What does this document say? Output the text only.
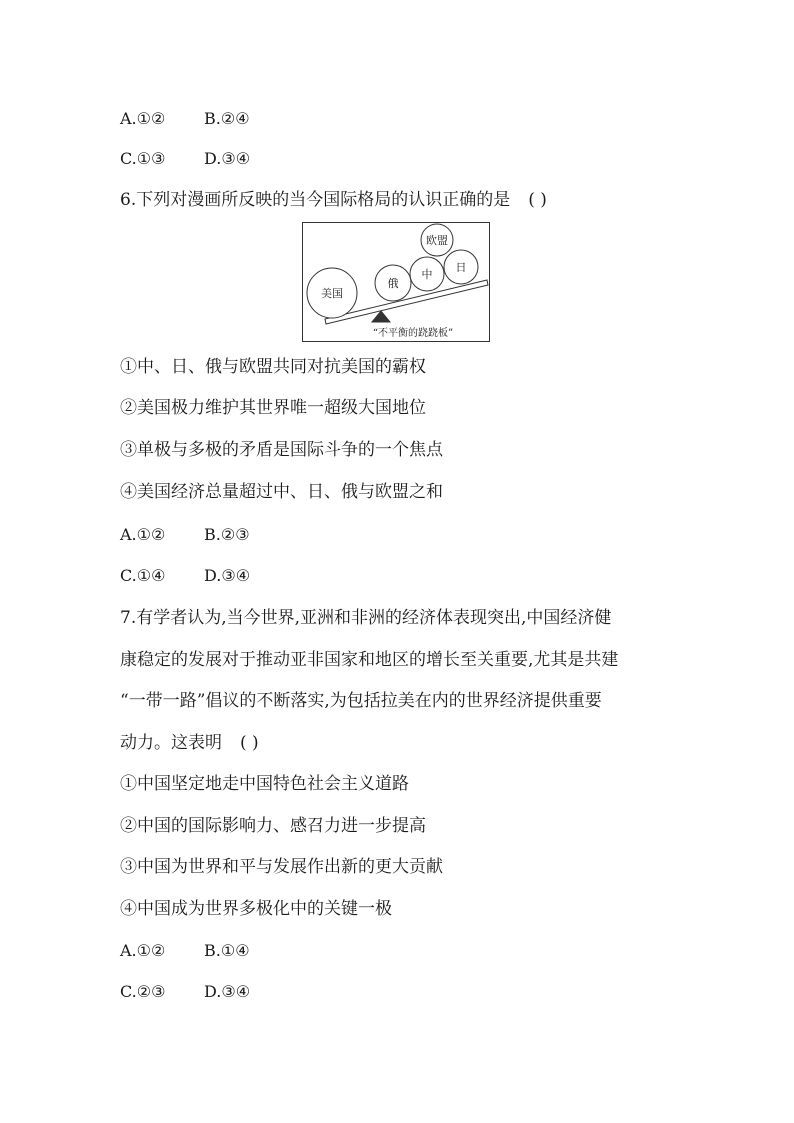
A.①② B.②④
C.①③ D.③④
6.下列对漫画所反映的当今国际格局的认识正确的是 ( )
美国
俄
中
欧盟
日
“不平衡的跷跷板”
①中、日、俄与欧盟共同对抗美国的霸权
②美国极力维护其世界唯一超级大国地位
③单极与多极的矛盾是国际斗争的一个焦点
④美国经济总量超过中、日、俄与欧盟之和
A.①② B.②③
C.①④ D.③④
7.有学者认为,当今世界,亚洲和非洲的经济体表现突出,中国经济健
康稳定的发展对于推动亚非国家和地区的增长至关重要,尤其是共建
“一带一路”倡议的不断落实,为包括拉美在内的世界经济提供重要
动力。这表明 ( )
①中国坚定地走中国特色社会主义道路
②中国的国际影响力、感召力进一步提高
③中国为世界和平与发展作出新的更大贡献
④中国成为世界多极化中的关键一极
A.①② B.①④
C.②③ D.③④
